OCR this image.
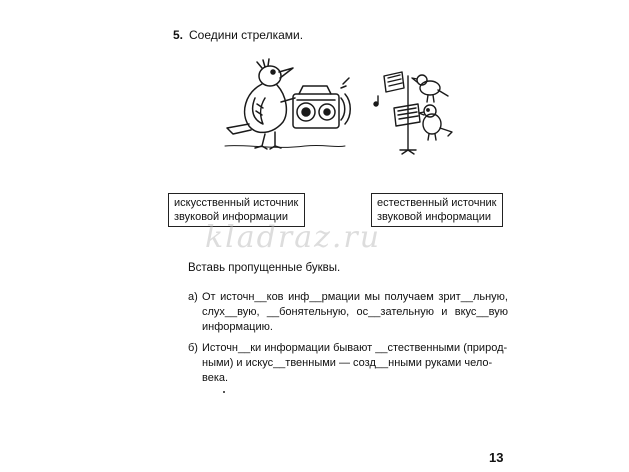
5. Соедини стрелками.
искусственный источник
звуковой информации
естественный источник
звуковой информации
kladraz.ru
Вставь пропущенные буквы.
а) От источн__ков инф__рмации мы получаем зрит__льную,
слух__вую, __бонятельную, ос__зательную и вкус__вую
информацию.
б) Источн__ки информации бывают __стественными (природ-
ными) и искус__твенными — созд__нными руками чело-
века.
13
